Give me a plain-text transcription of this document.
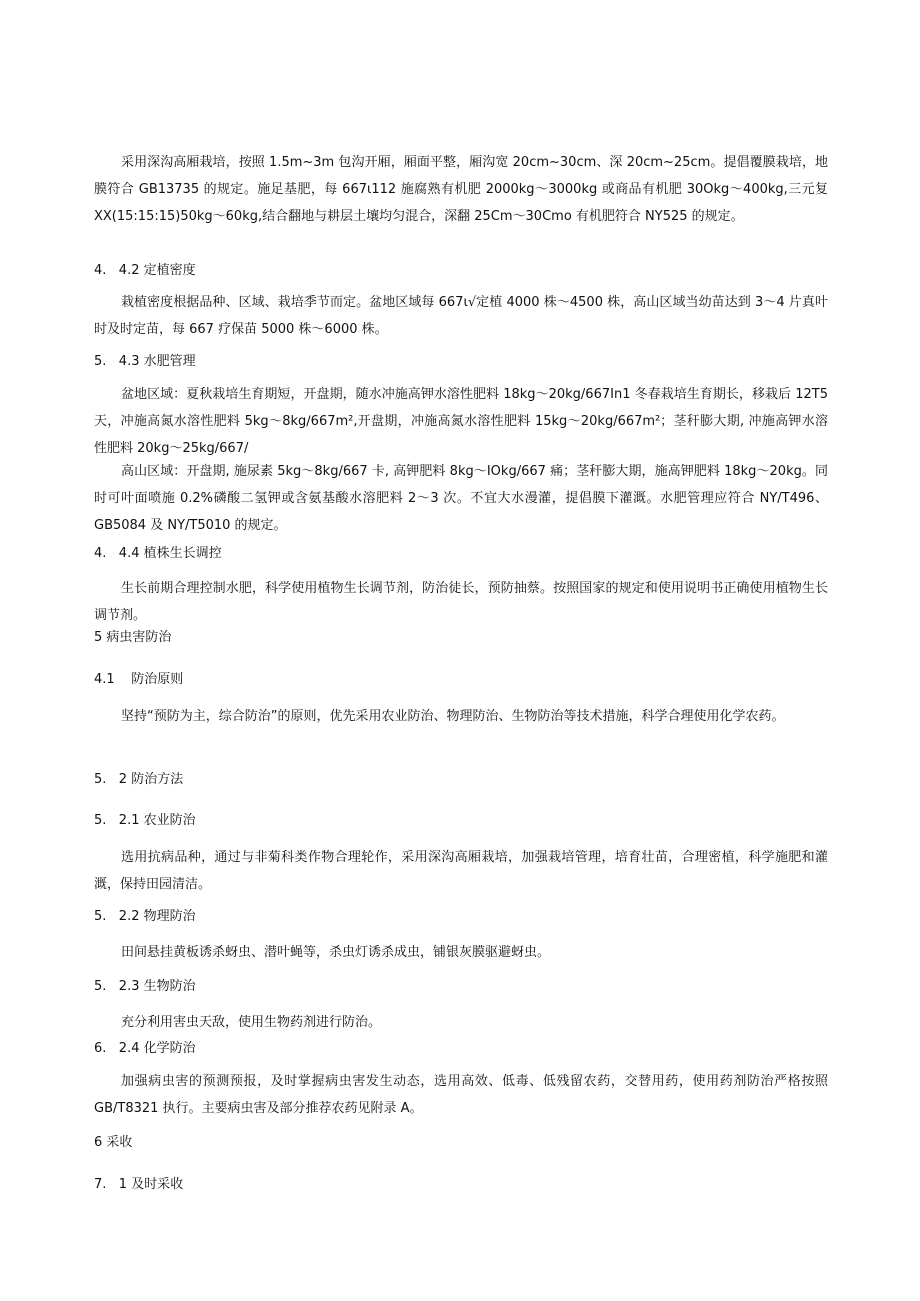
采用深沟高厢栽培，按照 1.5m~3m 包沟开厢，厢面平整，厢沟宽 20cm~30cm、深 20cm~25cm。提倡覆膜栽培，地膜符合 GB13735 的规定。施足基肥，每 667ι112 施腐熟有机肥 2000kg～3000kg 或商品有机肥 30Okg～400kg,三元复 XX(15:15:15)50kg～60kg,结合翻地与耕层土壤均匀混合，深翻 25Cm～30Cmo 有机肥符合 NY525 的规定。

4.   4.2 定植密度

栽植密度根据品种、区域、栽培季节而定。盆地区域每 667ι√定植 4000 株～4500 株，高山区域当幼苗达到 3～4 片真叶时及时定苗，每 667 疗保苗 5000 株～6000 株。

5.   4.3 水肥管理

盆地区域：夏秋栽培生育期短，开盘期，随水冲施高钾水溶性肥料 18kg～20kg/667In1 冬春栽培生育期长，移栽后 12T5 天，冲施高氮水溶性肥料 5kg～8kg∕667m²,开盘期，冲施高氮水溶性肥料 15kg～20kg/667m²；茎秆膨大期, 冲施高钾水溶性肥料 20kg～25kg/667/

高山区域：开盘期, 施尿素 5kg～8kg/667 卡, 高钾肥料 8kg～IOkg/667 痛；茎秆膨大期，施高钾肥料 18kg～20kg。同时可叶面喷施 0.2%磷酸二氢钾或含氨基酸水溶肥料 2～3 次。不宜大水漫灌，提倡膜下灌溉。水肥管理应符合 NY/T496、GB5084 及 NY/T5010 的规定。

4.   4.4 植株生长调控

生长前期合理控制水肥，科学使用植物生长调节剂，防治徒长，预防抽蔡。按照国家的规定和使用说明书正确使用植物生长调节剂。

5 病虫害防治

4.1    防治原则

坚持“预防为主，综合防治”的原则，优先采用农业防治、物理防治、生物防治等技术措施，科学合理使用化学农药。

5.   2 防治方法

5.   2.1 农业防治

选用抗病品种，通过与非菊科类作物合理轮作，采用深沟高厢栽培，加强栽培管理，培育壮苗，合理密植，科学施肥和灌溉，保持田园清洁。

5.   2.2 物理防治

田间悬挂黄板诱杀蚜虫、潜叶蝇等，杀虫灯诱杀成虫，铺银灰膜驱避蚜虫。

5.   2.3 生物防治

充分利用害虫天敌，使用生物药剂进行防治。

6.   2.4 化学防治

加强病虫害的预测预报，及时掌握病虫害发生动态，选用高效、低毒、低残留农药，交替用药，使用药剂防治严格按照 GB/T8321 执行。主要病虫害及部分推荐农药见附录 A。

6 采收

7.   1 及时采收
